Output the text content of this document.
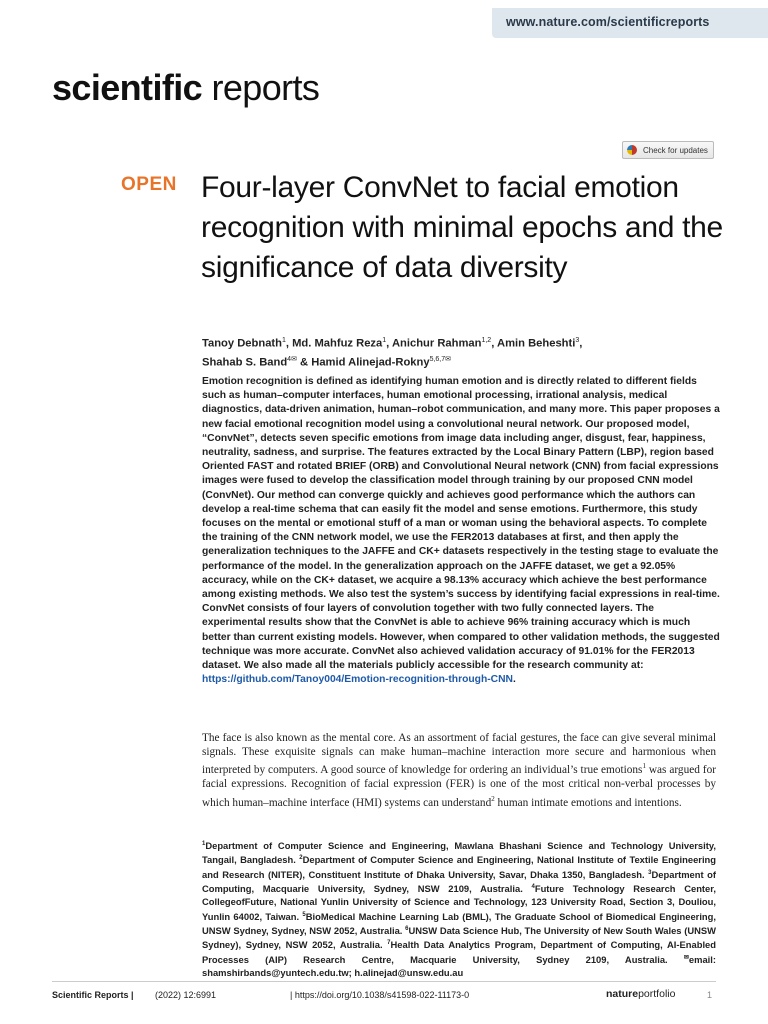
www.nature.com/scientificreports
scientific reports
Check for updates
OPEN Four-layer ConvNet to facial emotion recognition with minimal epochs and the significance of data diversity
Tanoy Debnath$^1$, Md. Mahfuz Reza$^1$, Anichur Rahman$^{1,2}$, Amin Beheshti$^3$,
Shahab S. Band$^{4✉}$ & Hamid Alinejad-Rokny$^{5,6,7✉}$

Emotion recognition is defined as identifying human emotion and is directly related to different fields such as human–computer interfaces, human emotional processing, irrational analysis, medical diagnostics, data-driven animation, human–robot communication, and many more. This paper proposes a new facial emotional recognition model using a convolutional neural network. Our proposed model, “ConvNet”, detects seven specific emotions from image data including anger, disgust, fear, happiness, neutrality, sadness, and surprise. The features extracted by the Local Binary Pattern (LBP), region based Oriented FAST and rotated BRIEF (ORB) and Convolutional Neural network (CNN) from facial expressions images were fused to develop the classification model through training by our proposed CNN model (ConvNet). Our method can converge quickly and achieves good performance which the authors can develop a real-time schema that can easily fit the model and sense emotions. Furthermore, this study focuses on the mental or emotional stuff of a man or woman using the behavioral aspects. To complete the training of the CNN network model, we use the FER2013 databases at first, and then apply the generalization techniques to the JAFFE and CK+ datasets respectively in the testing stage to evaluate the performance of the model. In the generalization approach on the JAFFE dataset, we get a 92.05% accuracy, while on the CK+ dataset, we acquire a 98.13% accuracy which achieve the best performance among existing methods. We also test the system’s success by identifying facial expressions in real-time. ConvNet consists of four layers of convolution together with two fully connected layers. The experimental results show that the ConvNet is able to achieve 96% training accuracy which is much better than current existing models. However, when compared to other validation methods, the suggested technique was more accurate. ConvNet also achieved validation accuracy of 91.01% for the FER2013 dataset. We also made all the materials publicly accessible for the research community at: https://github.com/Tanoy004/Emotion-recognition-through-CNN.

The face is also known as the mental core. As an assortment of facial gestures, the face can give several minimal signals. These exquisite signals can make human–machine interaction more secure and harmonious when interpreted by computers. A good source of knowledge for ordering an individual’s true emotions$^1$ was argued for facial expressions. Recognition of facial expression (FER) is one of the most critical non-verbal processes by which human–machine interface (HMI) systems can understand$^2$ human intimate emotions and intentions.

$^1$Department of Computer Science and Engineering, Mawlana Bhashani Science and Technology University, Tangail, Bangladesh. $^2$Department of Computer Science and Engineering, National Institute of Textile Engineering and Research (NITER), Constituent Institute of Dhaka University, Savar, Dhaka 1350, Bangladesh. $^3$Department of Computing, Macquarie University, Sydney, NSW 2109, Australia. $^4$Future Technology Research Center, CollegeofFuture, National Yunlin University of Science and Technology, 123 University Road, Section 3, Douliou, Yunlin 64002, Taiwan. $^5$BioMedical Machine Learning Lab (BML), The Graduate School of Biomedical Engineering, UNSW Sydney, Sydney, NSW 2052, Australia. $^6$UNSW Data Science Hub, The University of New South Wales (UNSW Sydney), Sydney, NSW 2052, Australia. $^7$Health Data Analytics Program, Department of Computing, AI-Enabled Processes (AIP) Research Centre, Macquarie University, Sydney 2109, Australia. ✉email: shamshirbands@yuntech.edu.tw; h.alinejad@unsw.edu.au

Scientific Reports | (2022) 12:6991	| https://doi.org/10.1038/s41598-022-11173-0	natureportfolio	1
